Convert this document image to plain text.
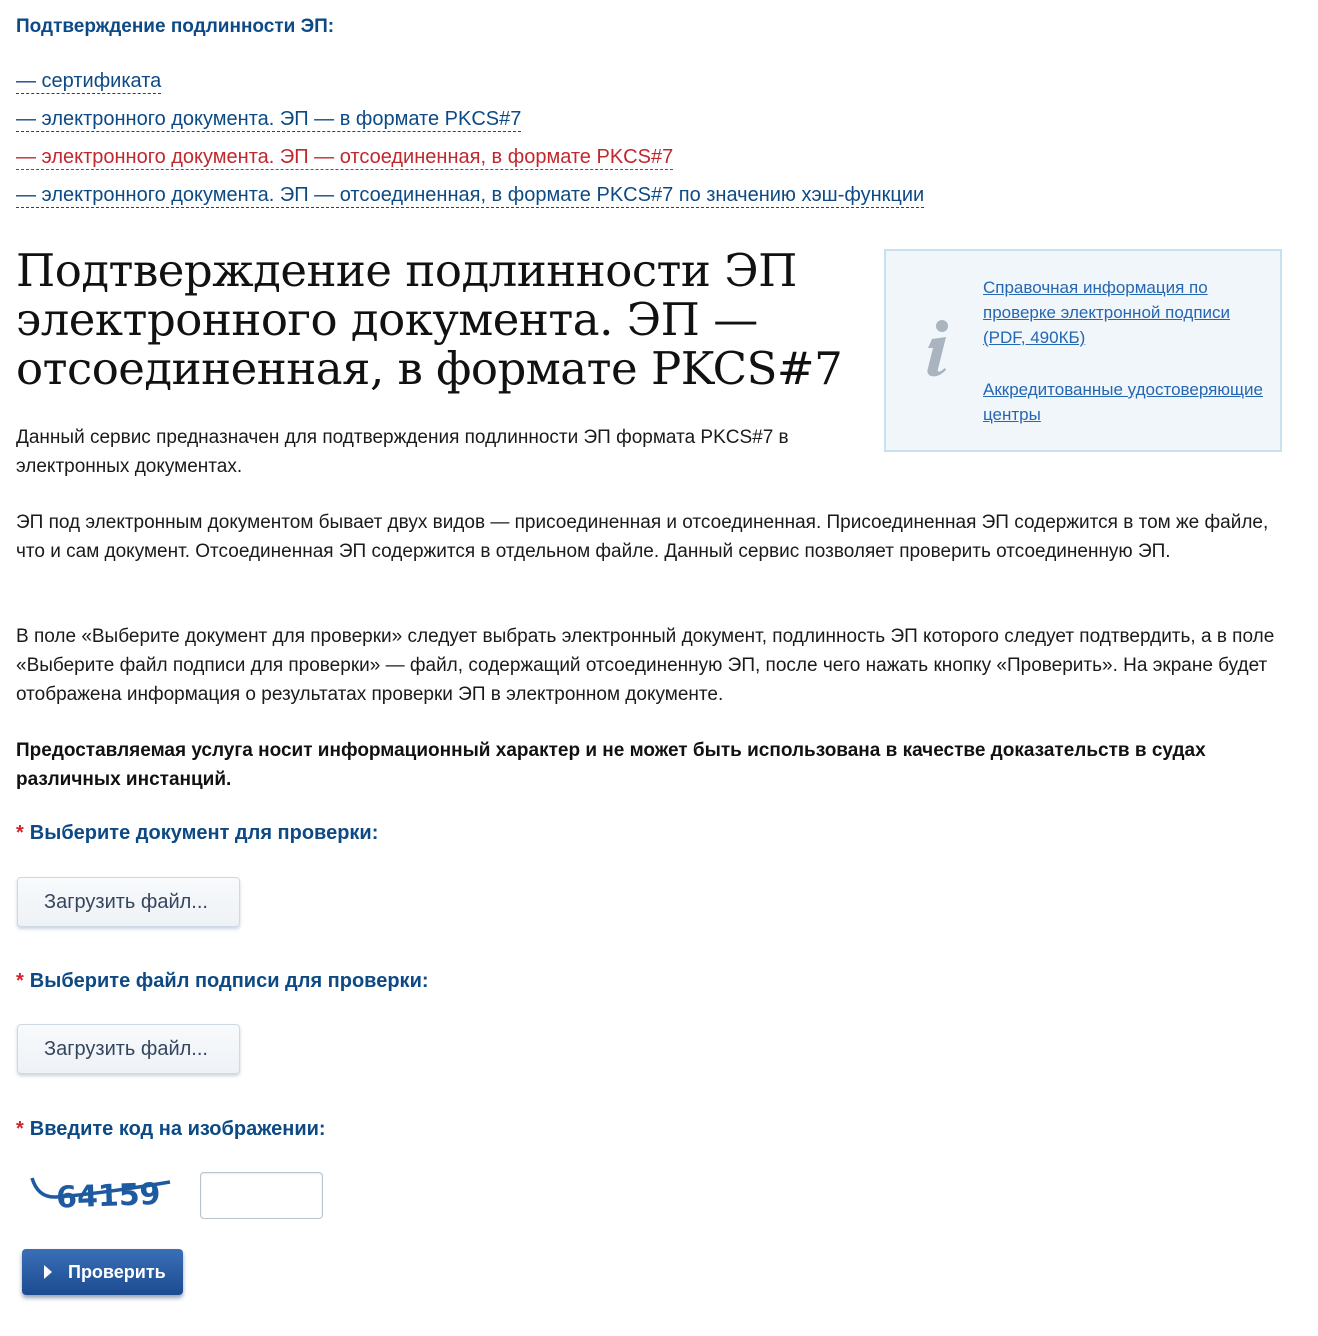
Подтверждение подлинности ЭП:
— сертификата
— электронного документа. ЭП — в формате PKCS#7
— электронного документа. ЭП — отсоединенная, в формате PKCS#7
— электронного документа. ЭП — отсоединенная, в формате PKCS#7 по значению хэш-функции
Подтверждение подлинности ЭП электронного документа. ЭП — отсоединенная, в формате PKCS#7
Справочная информация по проверке электронной подписи (PDF, 490КБ)
Аккредитованные удостоверяющие центры

Данный сервис предназначен для подтверждения подлинности ЭП формата PKCS#7 в электронных документах.

ЭП под электронным документом бывает двух видов — присоединенная и отсоединенная. Присоединенная ЭП содержится в том же файле, что и сам документ. Отсоединенная ЭП содержится в отдельном файле. Данный сервис позволяет проверить отсоединенную ЭП.

В поле «Выберите документ для проверки» следует выбрать электронный документ, подлинность ЭП которого следует подтвердить, а в поле «Выберите файл подписи для проверки» — файл, содержащий отсоединенную ЭП, после чего нажать кнопку «Проверить». На экране будет отображена информация о результатах проверки ЭП в электронном документе.

Предоставляемая услуга носит информационный характер и не может быть использована в качестве доказательств в судах различных инстанций.

* Выберите документ для проверки:
Загрузить файл...
* Выберите файл подписи для проверки:
Загрузить файл...
* Введите код на изображении:
64159
Проверить
